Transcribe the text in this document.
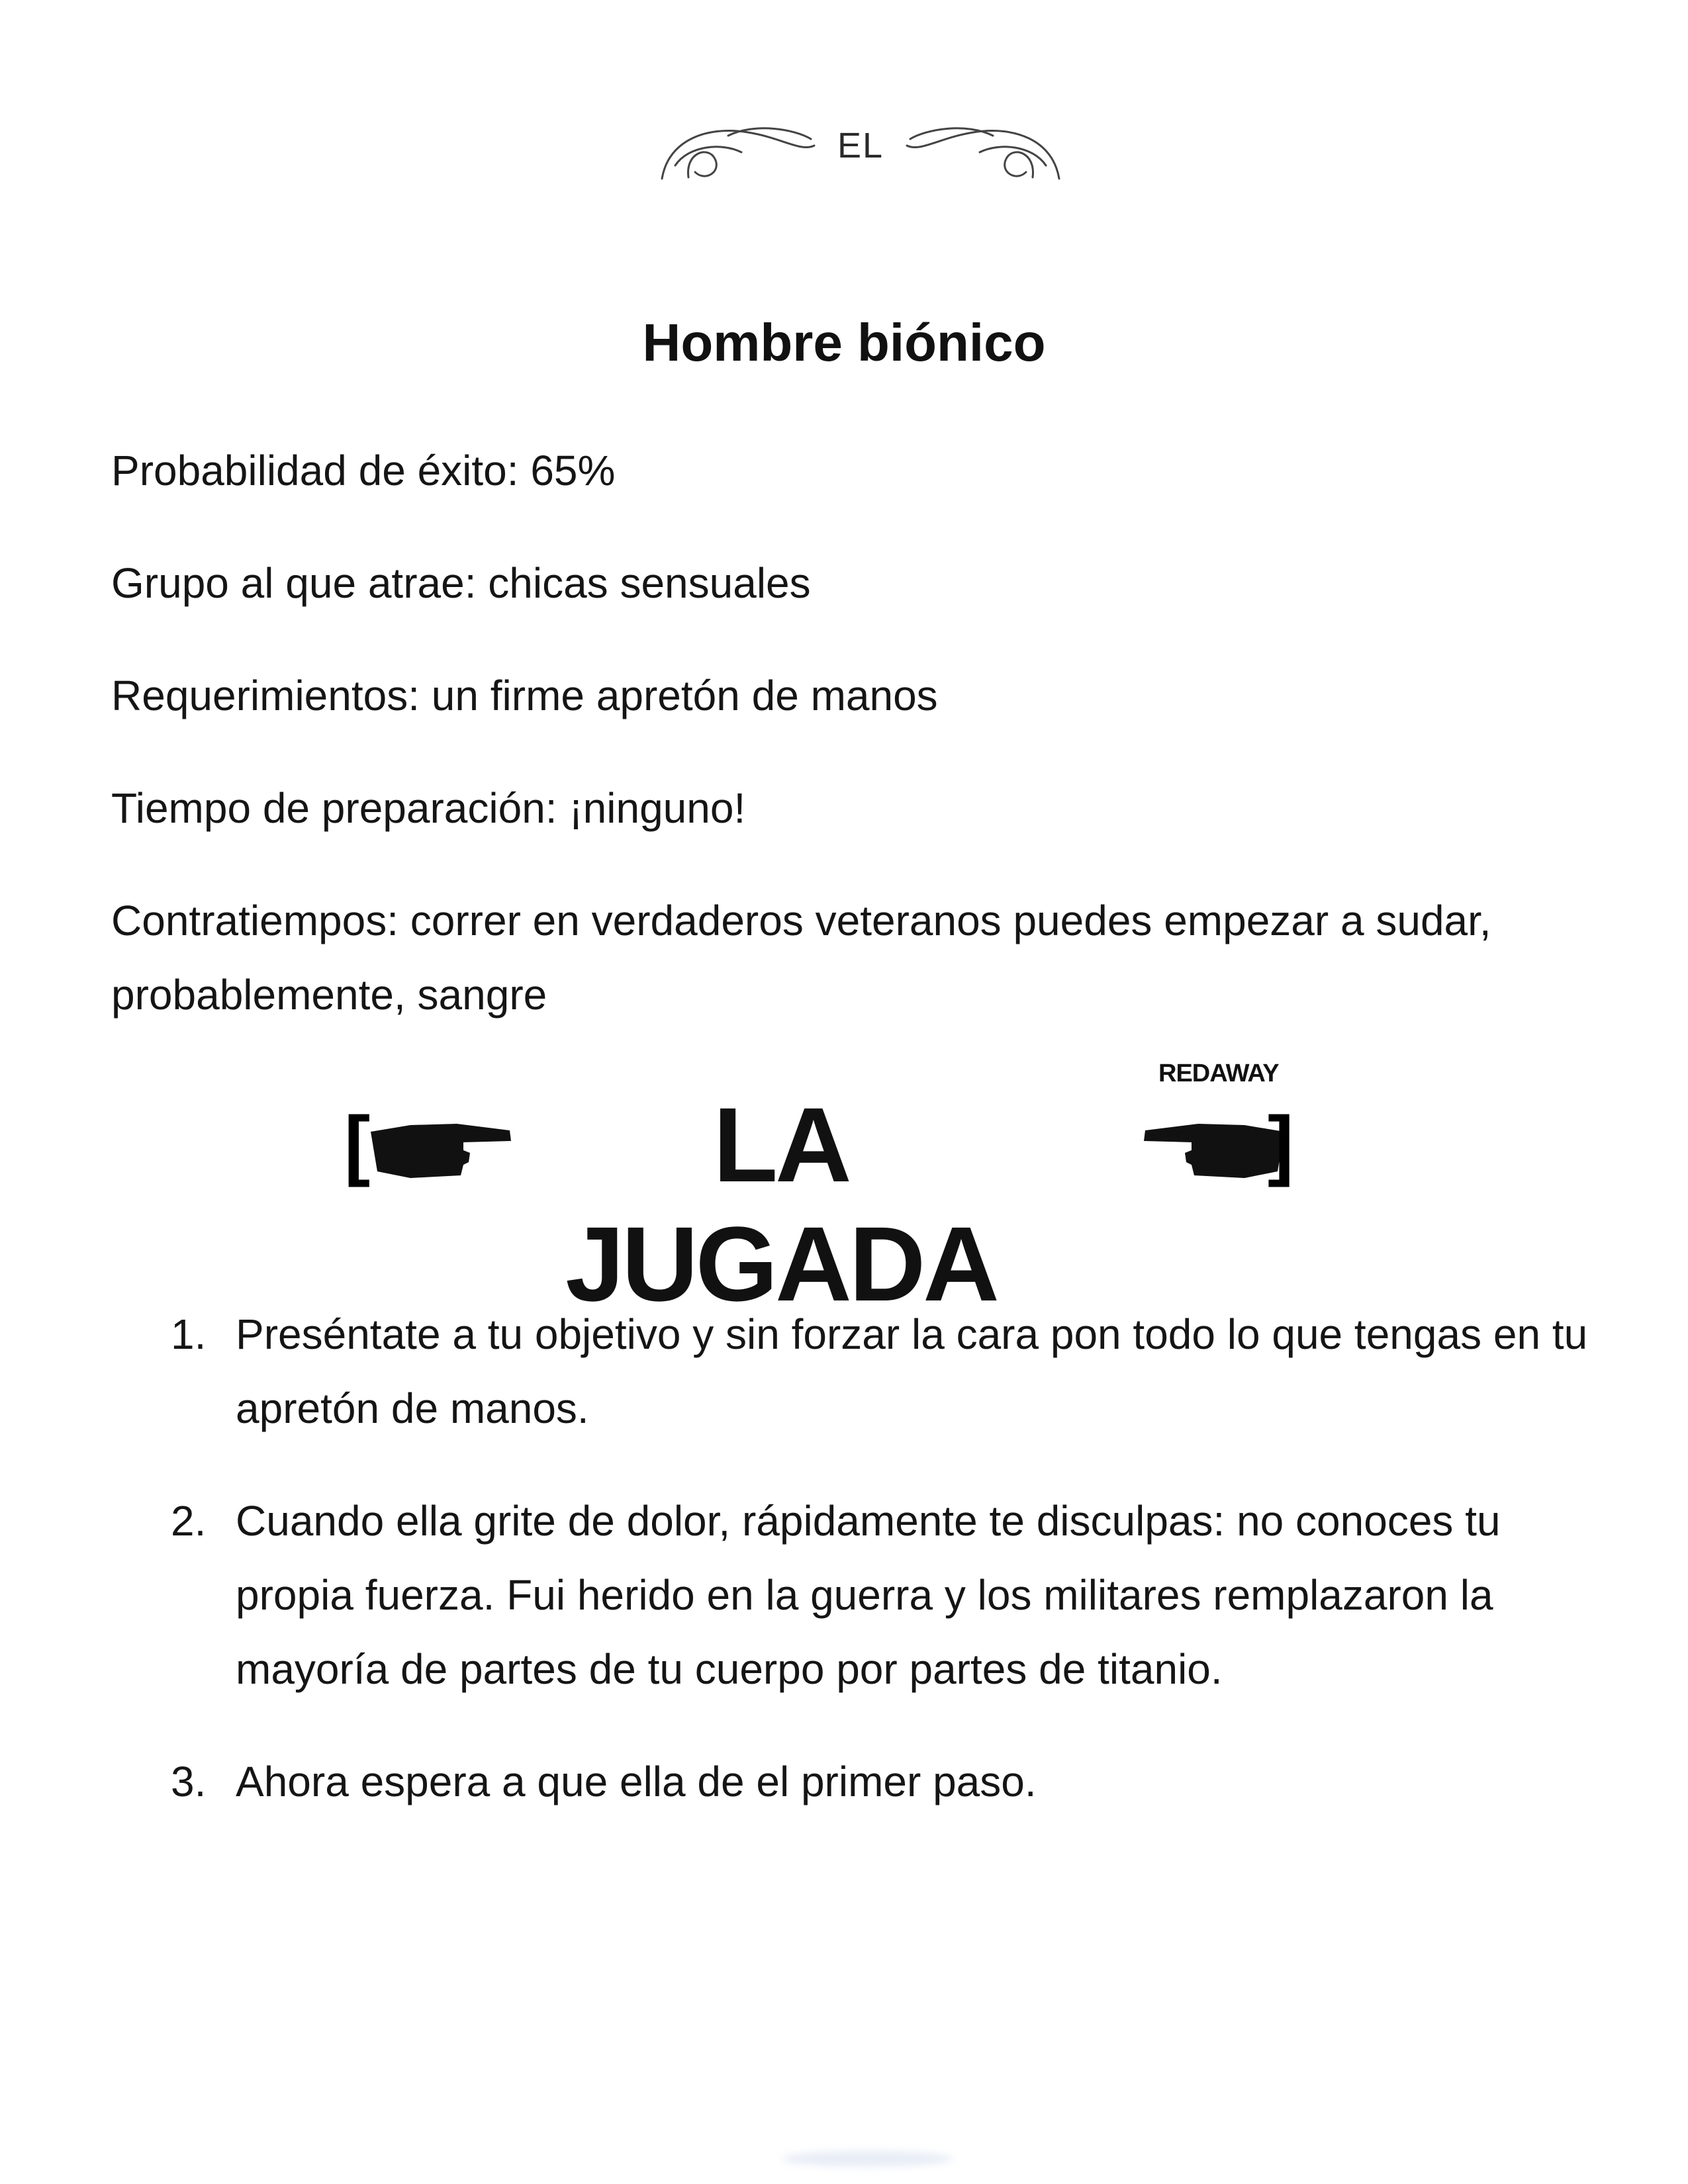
EL
Hombre biónico
Probabilidad de éxito: 65%
Grupo al que atrae: chicas sensuales
Requerimientos: un firme apretón de manos
Tiempo de preparación: ¡ninguno!
Contratiempos: correr en verdaderos veteranos puedes empezar a sudar, probablemente, sangre
[	LA JUGADA
REDAWAY
]
1. Preséntate a tu objetivo y sin forzar la cara pon todo lo que tengas en tu apretón de manos.
2. Cuando ella grite de dolor, rápidamente te disculpas: no conoces tu propia fuerza. Fui herido en la guerra y los militares remplazaron la mayoría de partes de tu cuerpo por partes de titanio.
3. Ahora espera a que ella de el primer paso.
